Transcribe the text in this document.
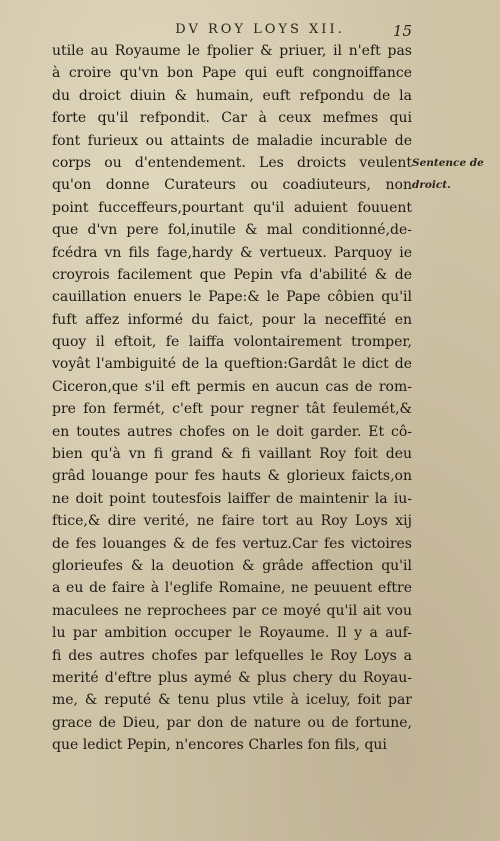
DV ROY LOYS XII.	15
Sentence de
droict.
utile au Royaume le fpolier & priuer, il n'eft pas
à croire qu'vn bon Pape qui euft congnoiffance
du droict diuin & humain, euft refpondu de la
forte qu'il refpondit. Car à ceux mefmes qui
font furieux ou attaints de maladie incurable de
corps ou d'entendement. Les droicts veulent
qu'on donne Curateurs ou coadiuteurs, non
point fucceffeurs,pourtant qu'il aduient fouuent
que d'vn pere fol,inutile & mal conditionné,de-
fcédra vn fils fage,hardy & vertueux. Parquoy ie
croyrois facilement que Pepin vfa d'abilité & de
cauillation enuers le Pape:& le Pape côbien qu'il
fuft affez informé du faict, pour la neceffité en
quoy il eftoit, fe laiffa volontairement tromper,
voyât l'ambiguité de la queftion:Gardât le dict de
Ciceron,que s'il eft permis en aucun cas de rom-
pre fon fermét, c'eft pour regner tât feulemét,&
en toutes autres chofes on le doit garder. Et cô-
bien qu'à vn fi grand & fi vaillant Roy foit deu
grâd louange pour fes hauts & glorieux faicts,on
ne doit point toutesfois laiffer de maintenir la iu-
ftice,& dire verité, ne faire tort au Roy Loys xij
de fes louanges & de fes vertuz.Car fes victoires
glorieufes & la deuotion & grâde affection qu'il
a eu de faire à l'eglife Romaine, ne peuuent eftre
maculees ne reprochees par ce moyé qu'il ait vou
lu par ambition occuper le Royaume. Il y a auf-
fi des autres chofes par lefquelles le Roy Loys a
merité d'eftre plus aymé & plus chery du Royau-
me, & reputé & tenu plus vtile à iceluy, foit par
grace de Dieu, par don de nature ou de fortune,
que ledict Pepin, n'encores Charles fon fils, qui
